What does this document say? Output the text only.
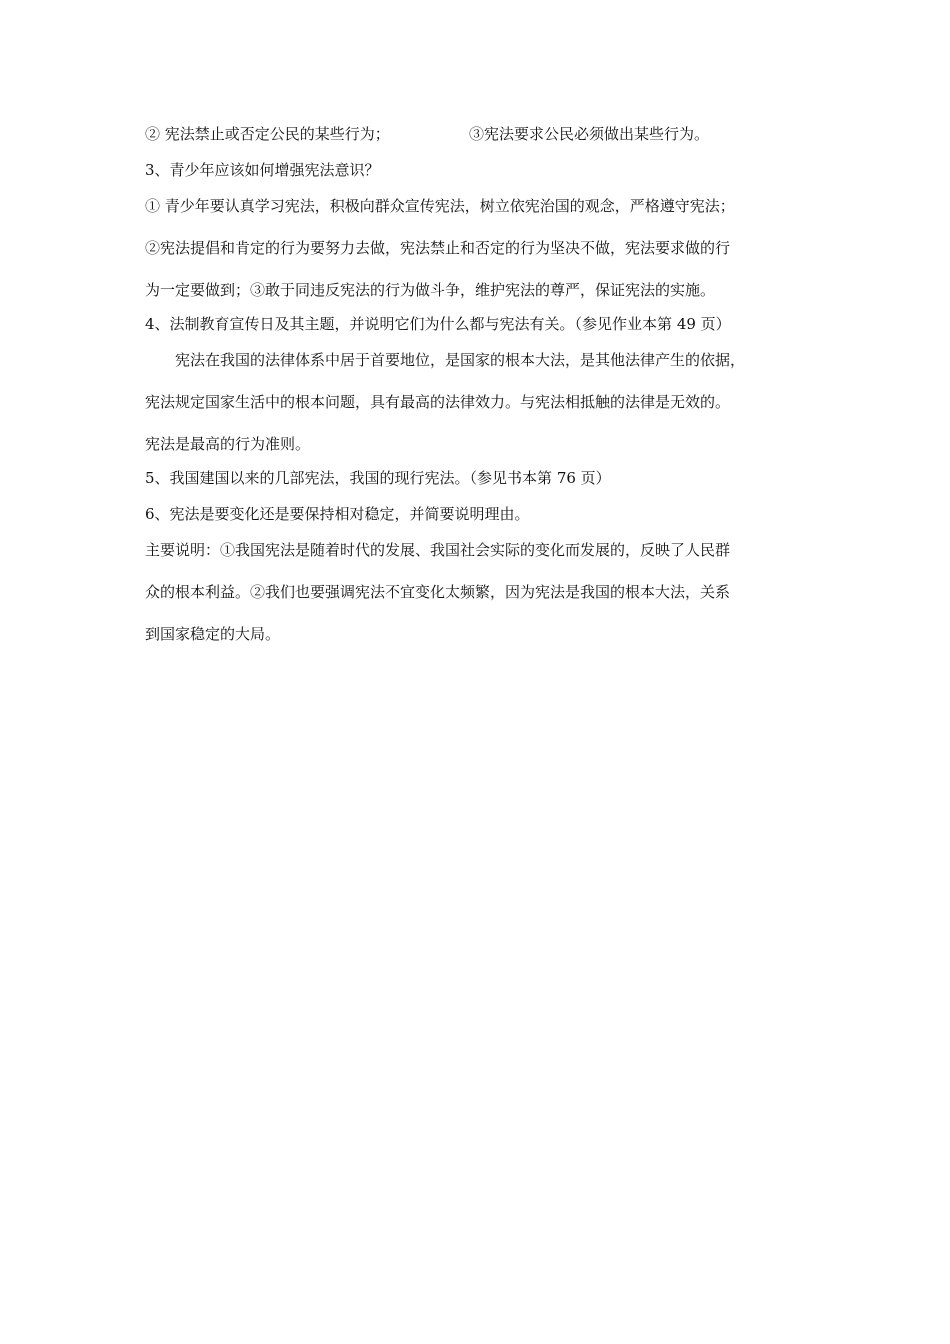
② 宪法禁止或否定公民的某些行为；	③宪法要求公民必须做出某些行为。

3、青少年应该如何增强宪法意识？

① 青少年要认真学习宪法，积极向群众宣传宪法，树立依宪治国的观念，严格遵守宪法；

②宪法提倡和肯定的行为要努力去做，宪法禁止和否定的行为坚决不做，宪法要求做的行

为一定要做到；③敢于同违反宪法的行为做斗争，维护宪法的尊严，保证宪法的实施。

4、法制教育宣传日及其主题，并说明它们为什么都与宪法有关。（参见作业本第 49 页）

宪法在我国的法律体系中居于首要地位，是国家的根本大法，是其他法律产生的依据，

宪法规定国家生活中的根本问题，具有最高的法律效力。与宪法相抵触的法律是无效的。

宪法是最高的行为准则。

5、我国建国以来的几部宪法，我国的现行宪法。（参见书本第 76 页）

6、宪法是要变化还是要保持相对稳定，并简要说明理由。

主要说明：①我国宪法是随着时代的发展、我国社会实际的变化而发展的，反映了人民群

众的根本利益。②我们也要强调宪法不宜变化太频繁，因为宪法是我国的根本大法，关系

到国家稳定的大局。
